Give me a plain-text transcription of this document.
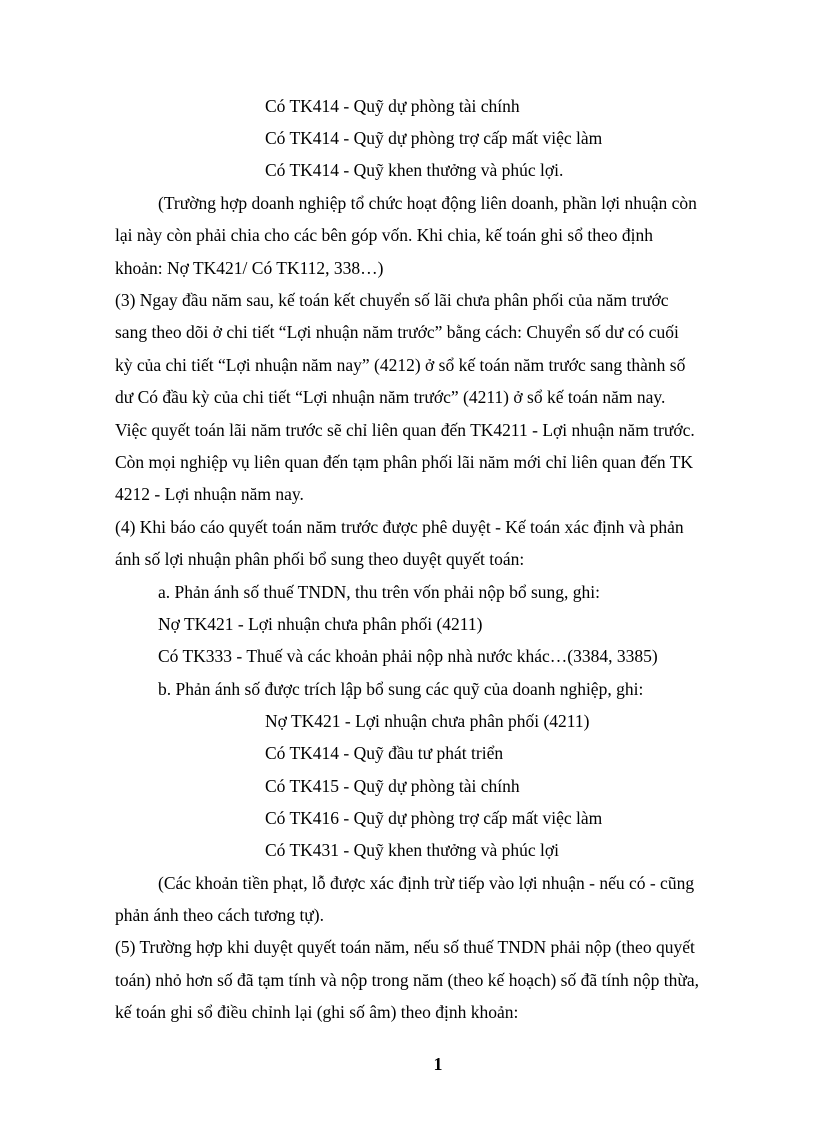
Có TK414 - Quỹ dự phòng tài chính
Có TK414 - Quỹ dự phòng trợ cấp mất việc làm
Có TK414 - Quỹ khen thưởng và phúc lợi.
(Trường hợp doanh nghiệp tổ chức hoạt động liên doanh, phần lợi nhuận còn
lại này còn phải chia cho các bên góp vốn. Khi chia, kế toán ghi sổ theo định
khoản: Nợ TK421/ Có TK112, 338…)
(3) Ngay đầu năm sau, kế toán kết chuyển số lãi chưa phân phối của năm trước
sang theo dõi ở chi tiết “Lợi nhuận năm trước” bằng cách: Chuyển số dư có cuối
kỳ của chi tiết “Lợi nhuận năm nay” (4212) ở sổ kế toán năm trước sang thành số
dư Có đầu kỳ của chi tiết “Lợi nhuận năm trước” (4211) ở sổ kế toán năm nay.
Việc quyết toán lãi năm trước sẽ chỉ liên quan đến TK4211 - Lợi nhuận năm trước.
Còn mọi nghiệp vụ liên quan đến tạm phân phối lãi năm mới chỉ liên quan đến TK
4212 - Lợi nhuận năm nay.
(4) Khi báo cáo quyết toán năm trước được phê duyệt - Kế toán xác định và phản
ánh số lợi nhuận phân phối bổ sung theo duyệt quyết toán:
a. Phản ánh số thuế TNDN, thu trên vốn phải nộp bổ sung, ghi:
Nợ TK421 - Lợi nhuận chưa phân phối (4211)
Có TK333 - Thuế và các khoản phải nộp nhà nước khác…(3384, 3385)
b. Phản ánh số được trích lập bổ sung các quỹ của doanh nghiệp, ghi:
Nợ TK421 - Lợi nhuận chưa phân phối (4211)
Có TK414 - Quỹ đầu tư phát triển
Có TK415 - Quỹ dự phòng tài chính
Có TK416 - Quỹ dự phòng trợ cấp mất việc làm
Có TK431 - Quỹ khen thưởng và phúc lợi
(Các khoản tiền phạt, lỗ được xác định trừ tiếp vào lợi nhuận - nếu có - cũng
phản ánh theo cách tương tự).
(5) Trường hợp khi duyệt quyết toán năm, nếu số thuế TNDN phải nộp (theo quyết
toán) nhỏ hơn số đã tạm tính và nộp trong năm (theo kế hoạch) số đã tính nộp thừa,
kế toán ghi sổ điều chỉnh lại (ghi số âm) theo định khoản:
1
